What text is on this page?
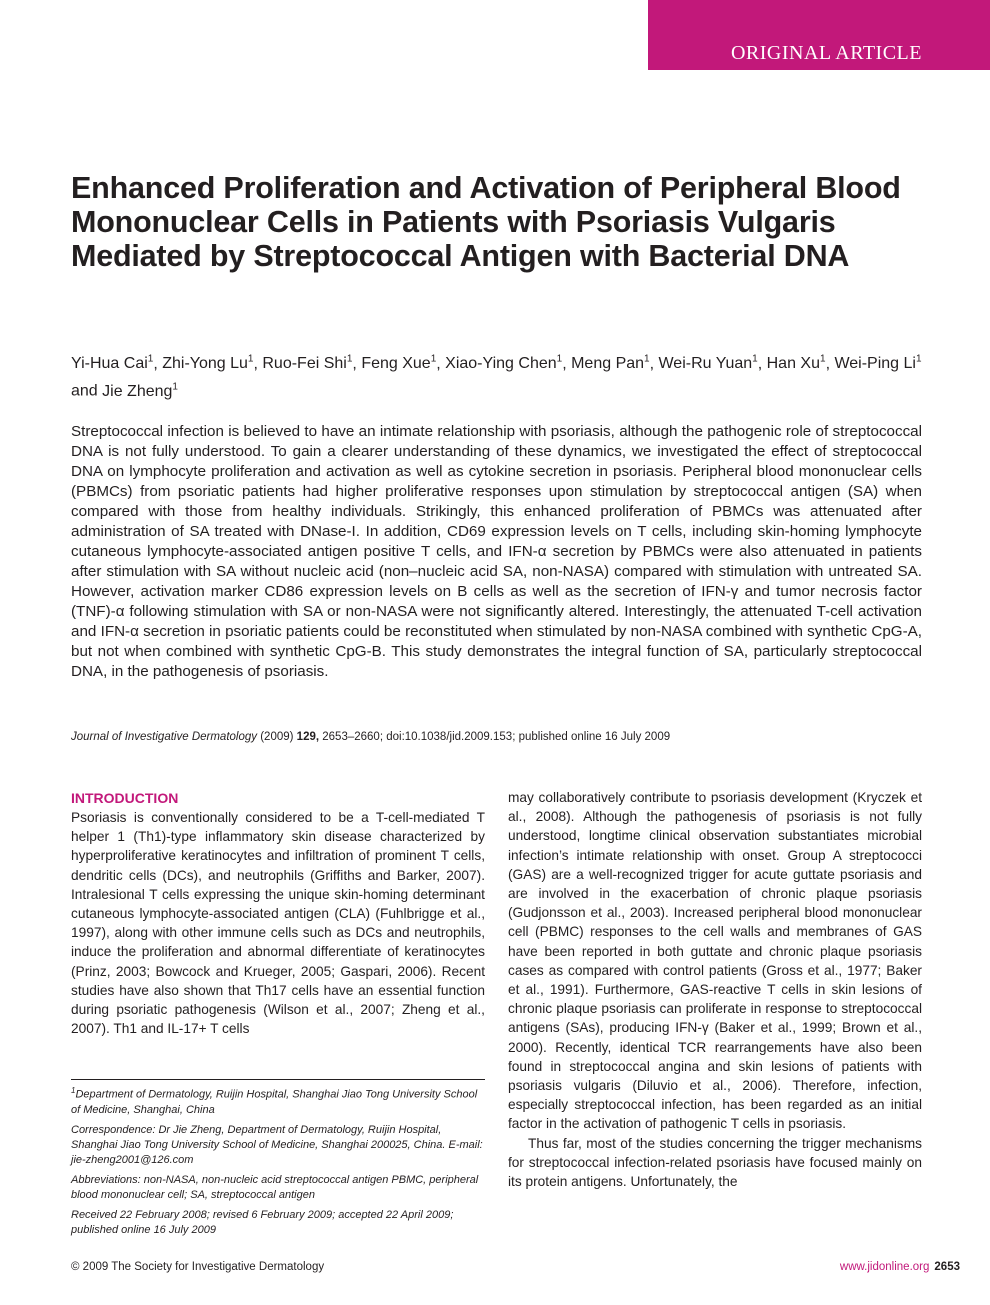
ORIGINAL ARTICLE
Enhanced Proliferation and Activation of Peripheral Blood Mononuclear Cells in Patients with Psoriasis Vulgaris Mediated by Streptococcal Antigen with Bacterial DNA
Yi-Hua Cai$^1$, Zhi-Yong Lu$^1$, Ruo-Fei Shi$^1$, Feng Xue$^1$, Xiao-Ying Chen$^1$, Meng Pan$^1$, Wei-Ru Yuan$^1$, Han Xu$^1$, Wei-Ping Li$^1$ and Jie Zheng$^1$

Streptococcal infection is believed to have an intimate relationship with psoriasis, although the pathogenic role of streptococcal DNA is not fully understood. To gain a clearer understanding of these dynamics, we investigated the effect of streptococcal DNA on lymphocyte proliferation and activation as well as cytokine secretion in psoriasis. Peripheral blood mononuclear cells (PBMCs) from psoriatic patients had higher proliferative responses upon stimulation by streptococcal antigen (SA) when compared with those from healthy individuals. Strikingly, this enhanced proliferation of PBMCs was attenuated after administration of SA treated with DNase-I. In addition, CD69 expression levels on T cells, including skin-homing lymphocyte cutaneous lymphocyte-associated antigen positive T cells, and IFN-α secretion by PBMCs were also attenuated in patients after stimulation with SA without nucleic acid (non–nucleic acid SA, non-NASA) compared with stimulation with untreated SA. However, activation marker CD86 expression levels on B cells as well as the secretion of IFN-γ and tumor necrosis factor (TNF)-α following stimulation with SA or non-NASA were not significantly altered. Interestingly, the attenuated T-cell activation and IFN-α secretion in psoriatic patients could be reconstituted when stimulated by non-NASA combined with synthetic CpG-A, but not when combined with synthetic CpG-B. This study demonstrates the integral function of SA, particularly streptococcal DNA, in the pathogenesis of psoriasis.

Journal of Investigative Dermatology (2009) 129, 2653–2660; doi:10.1038/jid.2009.153; published online 16 July 2009
INTRODUCTION

Psoriasis is conventionally considered to be a T-cell-mediated T helper 1 (Th1)-type inflammatory skin disease characterized by hyperproliferative keratinocytes and infiltration of prominent T cells, dendritic cells (DCs), and neutrophils (Griffiths and Barker, 2007). Intralesional T cells expressing the unique skin-homing determinant cutaneous lymphocyte-associated antigen (CLA) (Fuhlbrigge et al., 1997), along with other immune cells such as DCs and neutrophils, induce the proliferation and abnormal differentiate of keratinocytes (Prinz, 2003; Bowcock and Krueger, 2005; Gaspari, 2006). Recent studies have also shown that Th17 cells have an essential function during psoriatic pathogenesis (Wilson et al., 2007; Zheng et al., 2007). Th1 and IL-17+ T cells

$^1$Department of Dermatology, Ruijin Hospital, Shanghai Jiao Tong University School of Medicine, Shanghai, China

Correspondence: Dr Jie Zheng, Department of Dermatology, Ruijin Hospital, Shanghai Jiao Tong University School of Medicine, Shanghai 200025, China. E-mail: jie-zheng2001@126.com

Abbreviations: non-NASA, non-nucleic acid streptococcal antigen PBMC, peripheral blood mononuclear cell; SA, streptococcal antigen

Received 22 February 2008; revised 6 February 2009; accepted 22 April 2009; published online 16 July 2009

may collaboratively contribute to psoriasis development (Kryczek et al., 2008). Although the pathogenesis of psoriasis is not fully understood, longtime clinical observation substantiates microbial infection’s intimate relationship with onset. Group A streptococci (GAS) are a well-recognized trigger for acute guttate psoriasis and are involved in the exacerbation of chronic plaque psoriasis (Gudjonsson et al., 2003). Increased peripheral blood mononuclear cell (PBMC) responses to the cell walls and membranes of GAS have been reported in both guttate and chronic plaque psoriasis cases as compared with control patients (Gross et al., 1977; Baker et al., 1991). Furthermore, GAS-reactive T cells in skin lesions of chronic plaque psoriasis can proliferate in response to streptococcal antigens (SAs), producing IFN-γ (Baker et al., 1999; Brown et al., 2000). Recently, identical TCR rearrangements have also been found in streptococcal angina and skin lesions of patients with psoriasis vulgaris (Diluvio et al., 2006). Therefore, infection, especially streptococcal infection, has been regarded as an initial factor in the activation of pathogenic T cells in psoriasis.

Thus far, most of the studies concerning the trigger mechanisms for streptococcal infection-related psoriasis have focused mainly on its protein antigens. Unfortunately, the

© 2009 The Society for Investigative Dermatology	www.jidonline.org 2653
